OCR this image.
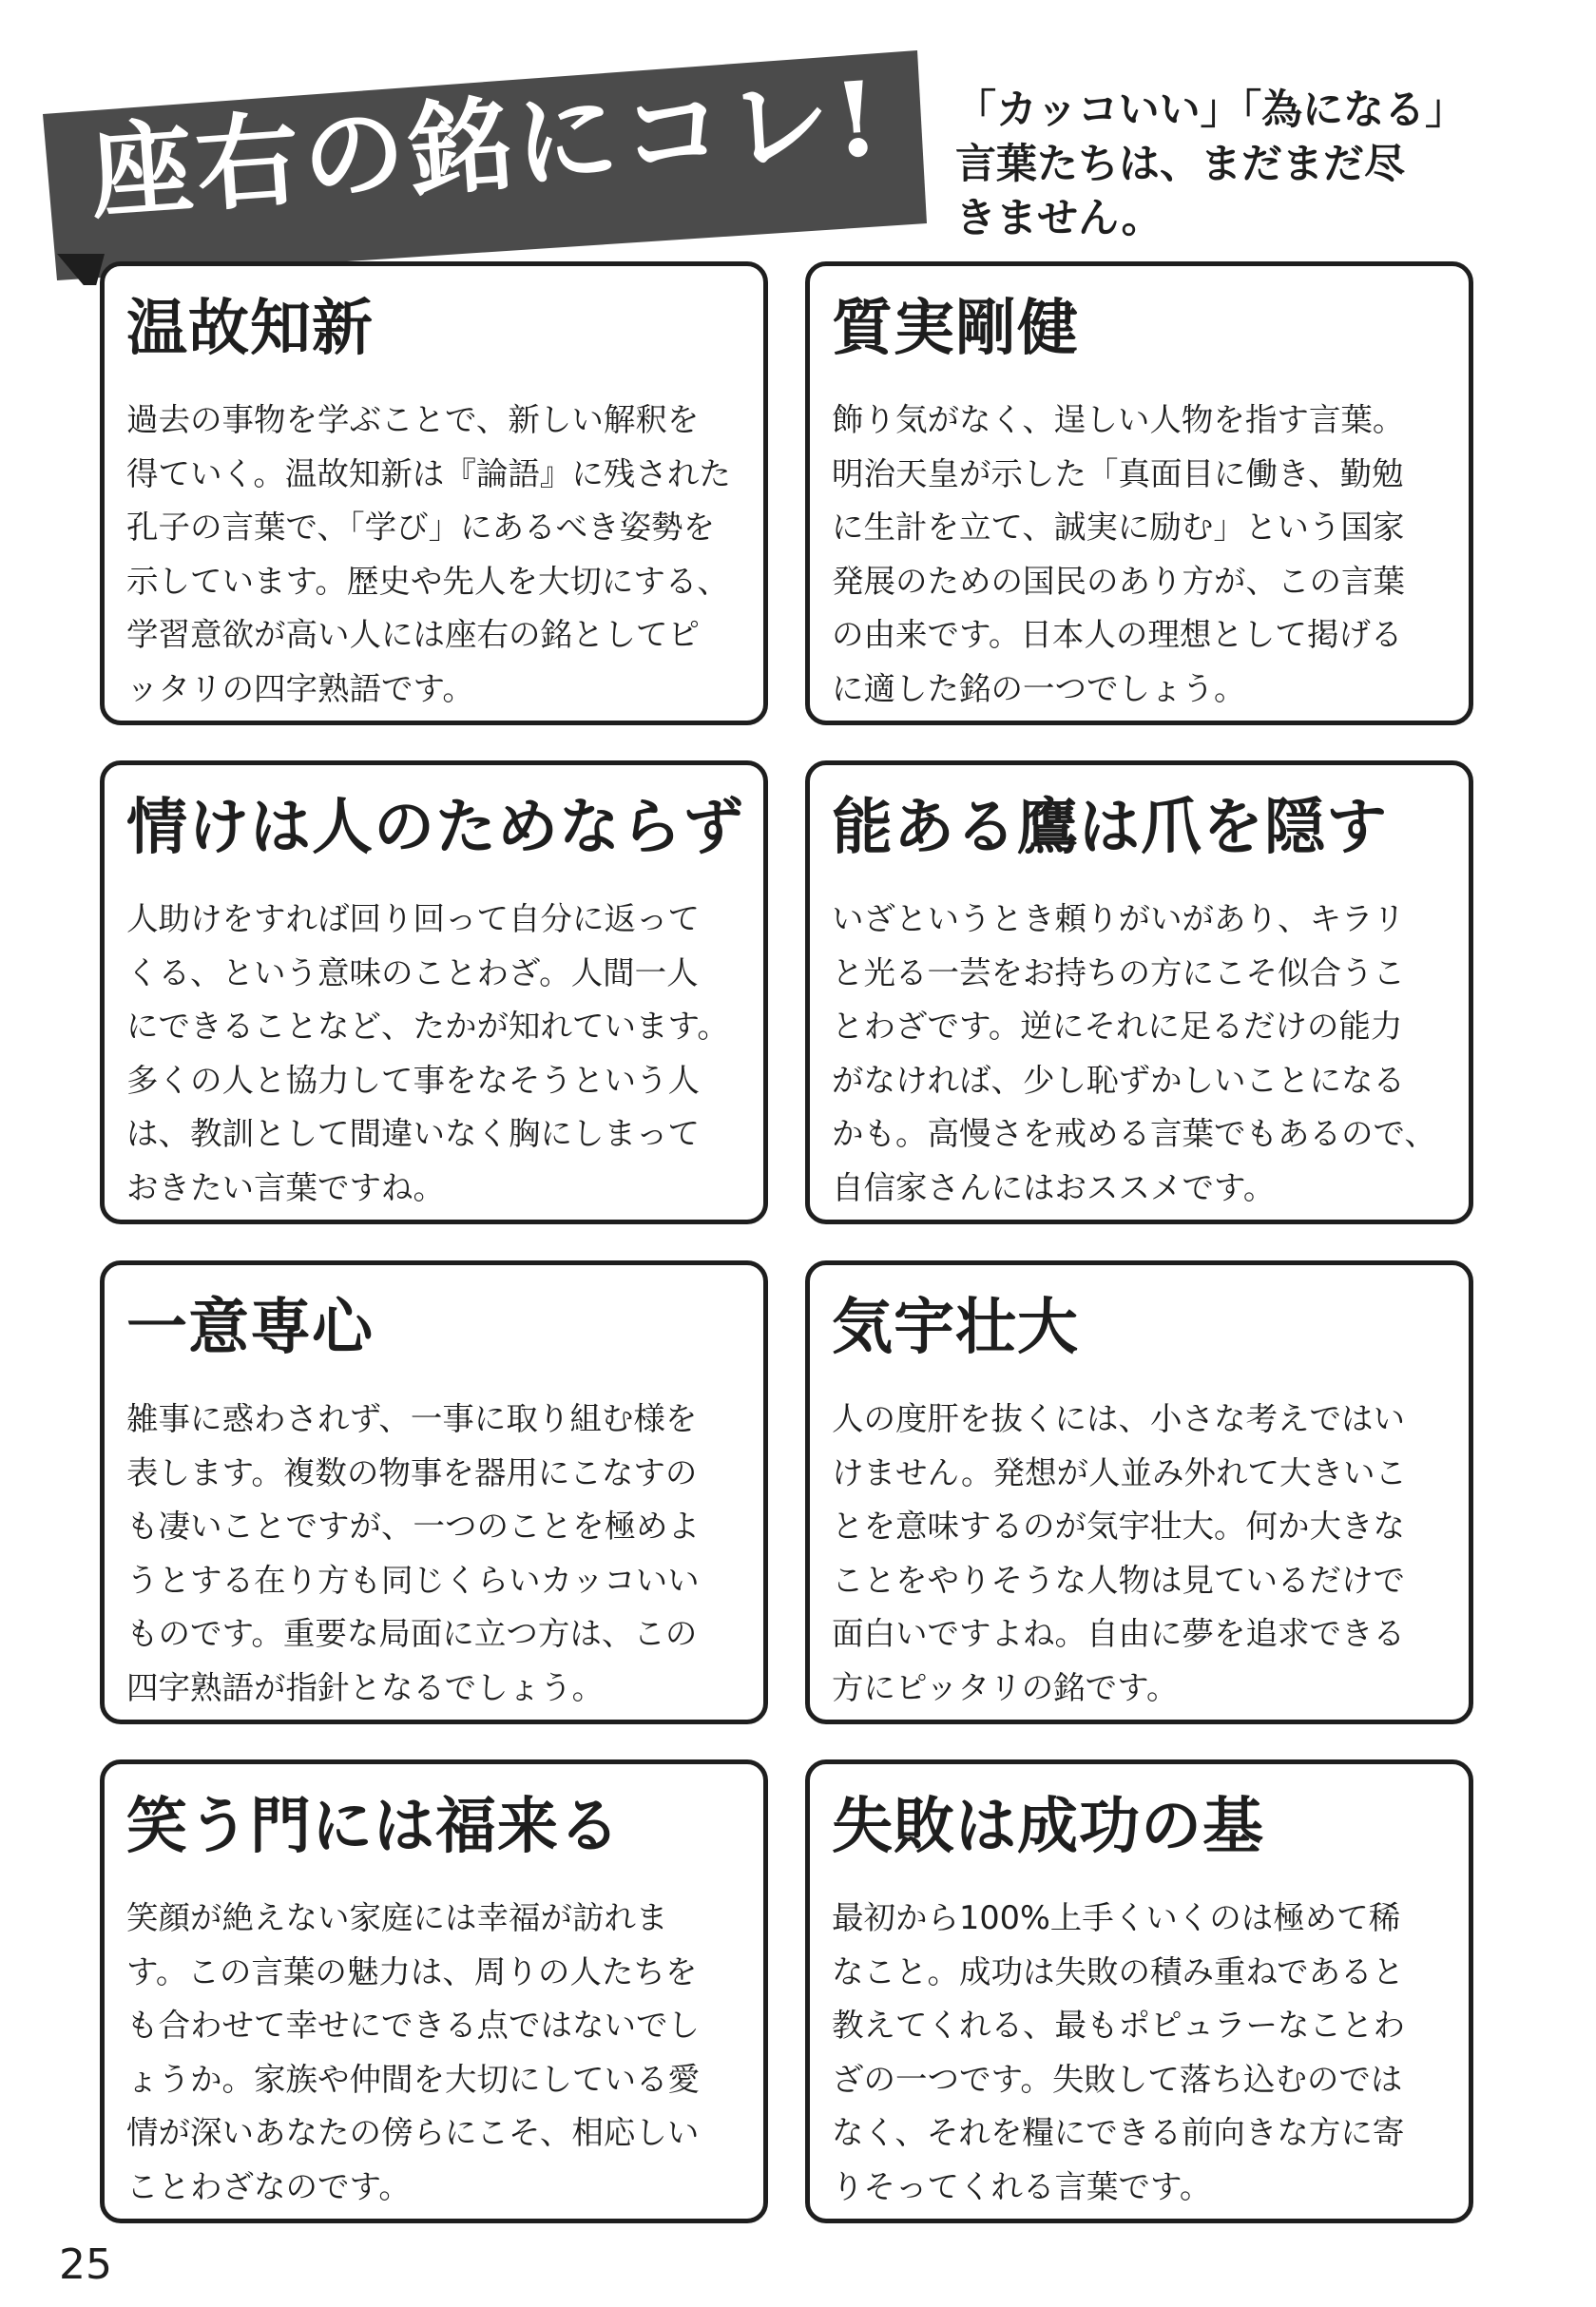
座右の銘にコレ!	「カッコいい」「為になる」
言葉たちは、まだまだ尽
きません。
温故知新
過去の事物を学ぶことで、新しい解釈を
得ていく。温故知新は『論語』に残された
孔子の言葉で、「学び」にあるべき姿勢を
示しています。歴史や先人を大切にする、
学習意欲が高い人には座右の銘としてピ
ッタリの四字熟語です。
質実剛健
飾り気がなく、逞しい人物を指す言葉。
明治天皇が示した「真面目に働き、勤勉
に生計を立て、誠実に励む」という国家
発展のための国民のあり方が、この言葉
の由来です。日本人の理想として掲げる
に適した銘の一つでしょう。
情けは人のためならず
人助けをすれば回り回って自分に返って
くる、という意味のことわざ。人間一人
にできることなど、たかが知れています。
多くの人と協力して事をなそうという人
は、教訓として間違いなく胸にしまって
おきたい言葉ですね。
能ある鷹は爪を隠す
いざというとき頼りがいがあり、キラリ
と光る一芸をお持ちの方にこそ似合うこ
とわざです。逆にそれに足るだけの能力
がなければ、少し恥ずかしいことになる
かも。高慢さを戒める言葉でもあるので、
自信家さんにはおススメです。
一意専心
雑事に惑わされず、一事に取り組む様を
表します。複数の物事を器用にこなすの
も凄いことですが、一つのことを極めよ
うとする在り方も同じくらいカッコいい
ものです。重要な局面に立つ方は、この
四字熟語が指針となるでしょう。
気宇壮大
人の度肝を抜くには、小さな考えではい
けません。発想が人並み外れて大きいこ
とを意味するのが気宇壮大。何か大きな
ことをやりそうな人物は見ているだけで
面白いですよね。自由に夢を追求できる
方にピッタリの銘です。
笑う門には福来る
笑顔が絶えない家庭には幸福が訪れま
す。この言葉の魅力は、周りの人たちを
も合わせて幸せにできる点ではないでし
ょうか。家族や仲間を大切にしている愛
情が深いあなたの傍らにこそ、相応しい
ことわざなのです。
失敗は成功の基
最初から100%上手くいくのは極めて稀
なこと。成功は失敗の積み重ねであると
教えてくれる、最もポピュラーなことわ
ざの一つです。失敗して落ち込むのでは
なく、それを糧にできる前向きな方に寄
りそってくれる言葉です。
25
